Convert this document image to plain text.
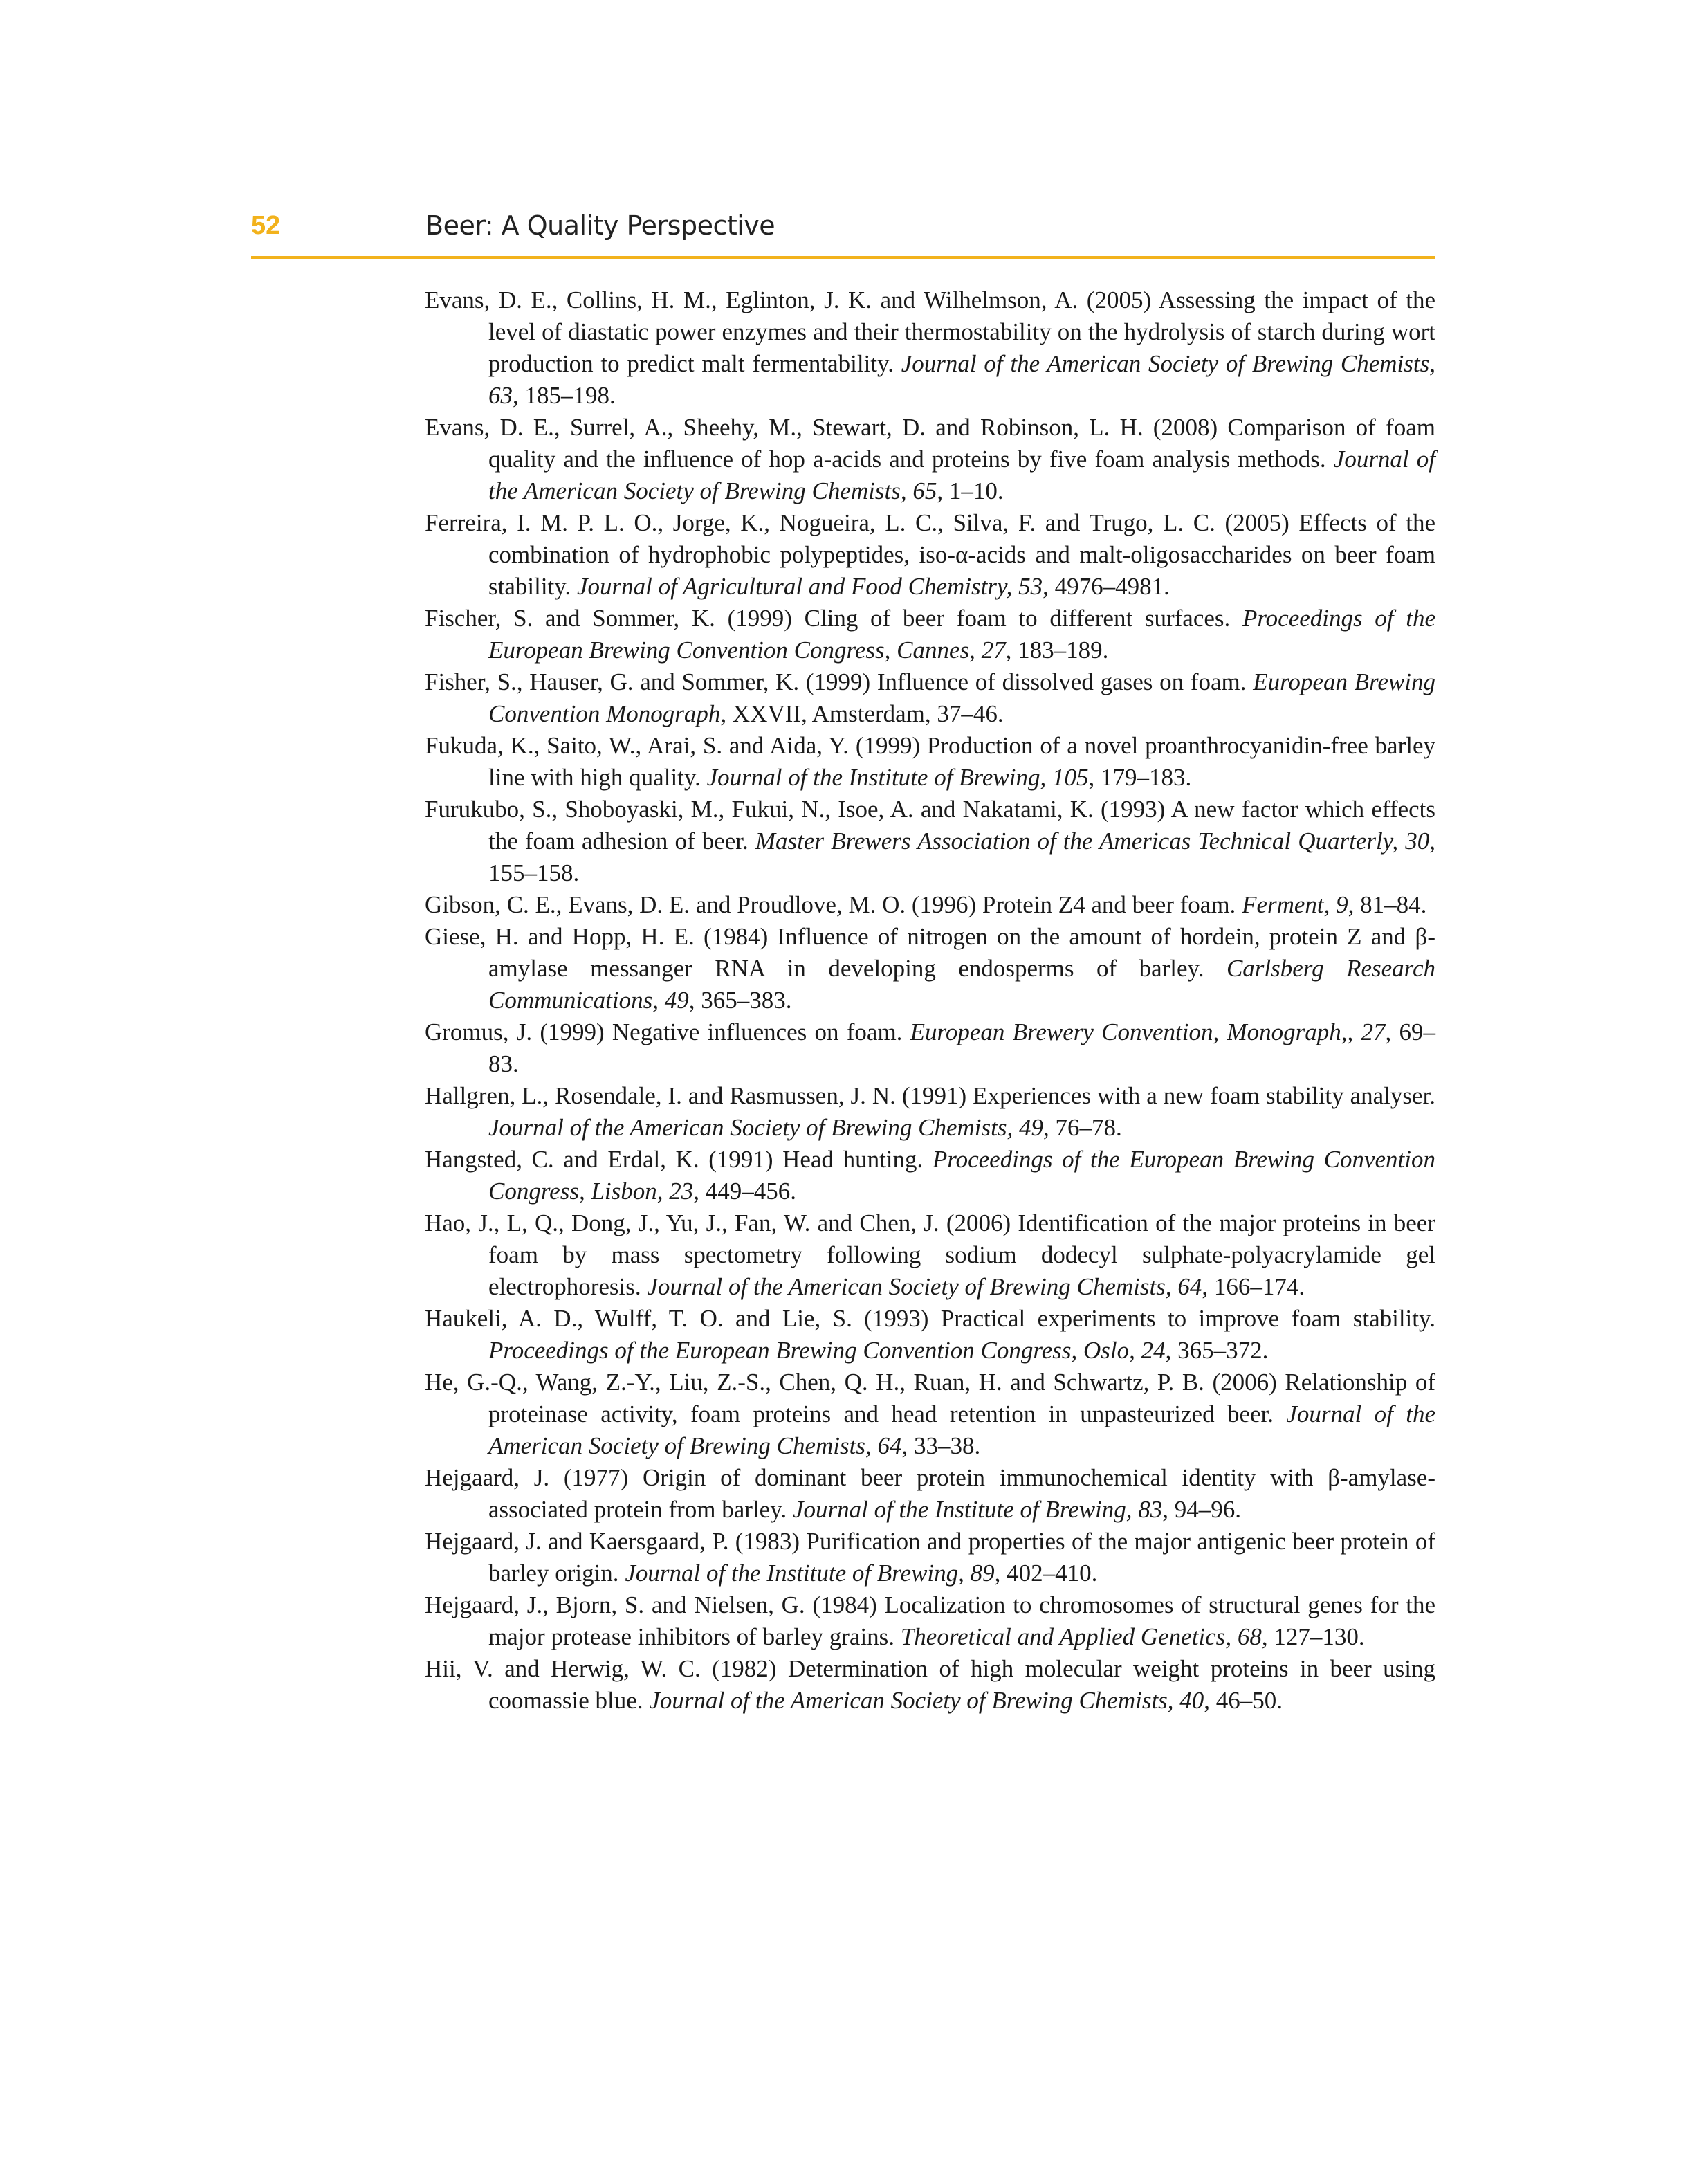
52	Beer: A Quality Perspective
Evans, D. E., Collins, H. M., Eglinton, J. K. and Wilhelmson, A. (2005) Assessing the impact of the level of diastatic power enzymes and their thermostability on the hydrolysis of starch during wort production to predict malt fermentability. Journal of the American Society of Brewing Chemists, 63, 185–198.
Evans, D. E., Surrel, A., Sheehy, M., Stewart, D. and Robinson, L. H. (2008) Comparison of foam quality and the influence of hop a-acids and proteins by five foam analysis methods. Journal of the American Society of Brewing Chemists, 65, 1–10.
Ferreira, I. M. P. L. O., Jorge, K., Nogueira, L. C., Silva, F. and Trugo, L. C. (2005) Effects of the combination of hydrophobic polypeptides, iso-α-acids and malt-oligosaccharides on beer foam stability. Journal of Agricultural and Food Chemistry, 53, 4976–4981.
Fischer, S. and Sommer, K. (1999) Cling of beer foam to different surfaces. Proceedings of the European Brewing Convention Congress, Cannes, 27, 183–189.
Fisher, S., Hauser, G. and Sommer, K. (1999) Influence of dissolved gases on foam. European Brewing Convention Monograph, XXVII, Amsterdam, 37–46.
Fukuda, K., Saito, W., Arai, S. and Aida, Y. (1999) Production of a novel proanthrocyanidin-free barley line with high quality. Journal of the Institute of Brewing, 105, 179–183.
Furukubo, S., Shoboyaski, M., Fukui, N., Isoe, A. and Nakatami, K. (1993) A new factor which effects the foam adhesion of beer. Master Brewers Association of the Americas Technical Quarterly, 30, 155–158.
Gibson, C. E., Evans, D. E. and Proudlove, M. O. (1996) Protein Z4 and beer foam. Ferment, 9, 81–84.
Giese, H. and Hopp, H. E. (1984) Influence of nitrogen on the amount of hordein, protein Z and β-amylase messanger RNA in developing endosperms of barley. Carlsberg Research Communications, 49, 365–383.
Gromus, J. (1999) Negative influences on foam. European Brewery Convention, Monograph,, 27, 69–83.
Hallgren, L., Rosendale, I. and Rasmussen, J. N. (1991) Experiences with a new foam stability analyser. Journal of the American Society of Brewing Chemists, 49, 76–78.
Hangsted, C. and Erdal, K. (1991) Head hunting. Proceedings of the European Brewing Convention Congress, Lisbon, 23, 449–456.
Hao, J., L, Q., Dong, J., Yu, J., Fan, W. and Chen, J. (2006) Identification of the major proteins in beer foam by mass spectometry following sodium dodecyl sulphate-polyacrylamide gel electrophoresis. Journal of the American Society of Brewing Chemists, 64, 166–174.
Haukeli, A. D., Wulff, T. O. and Lie, S. (1993) Practical experiments to improve foam stability. Proceedings of the European Brewing Convention Congress, Oslo, 24, 365–372.
He, G.-Q., Wang, Z.-Y., Liu, Z.-S., Chen, Q. H., Ruan, H. and Schwartz, P. B. (2006) Relationship of proteinase activity, foam proteins and head retention in unpasteurized beer. Journal of the American Society of Brewing Chemists, 64, 33–38.
Hejgaard, J. (1977) Origin of dominant beer protein immunochemical identity with β-amylase-associated protein from barley. Journal of the Institute of Brewing, 83, 94–96.
Hejgaard, J. and Kaersgaard, P. (1983) Purification and properties of the major antigenic beer protein of barley origin. Journal of the Institute of Brewing, 89, 402–410.
Hejgaard, J., Bjorn, S. and Nielsen, G. (1984) Localization to chromosomes of structural genes for the major protease inhibitors of barley grains. Theoretical and Applied Genetics, 68, 127–130.
Hii, V. and Herwig, W. C. (1982) Determination of high molecular weight proteins in beer using coomassie blue. Journal of the American Society of Brewing Chemists, 40, 46–50.
